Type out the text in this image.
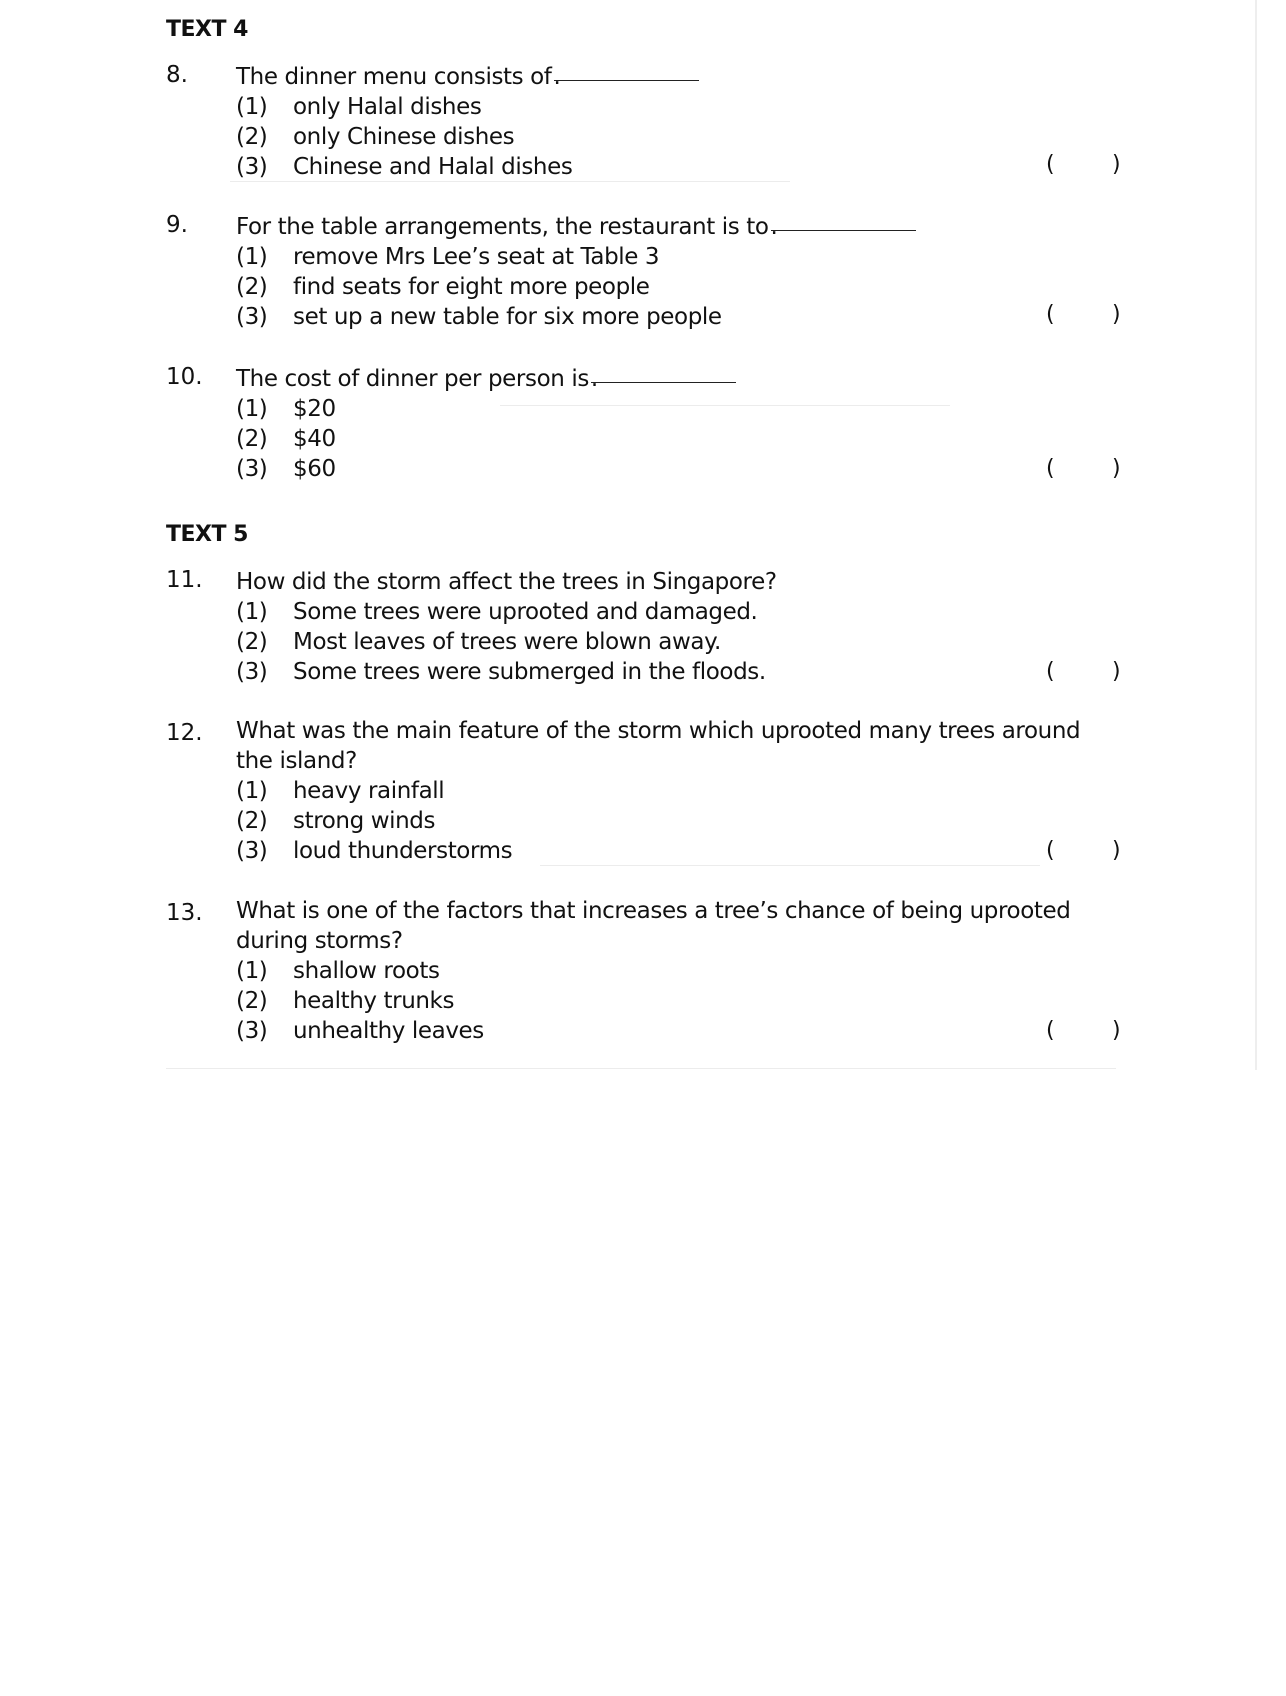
TEXT 4
8. The dinner menu consists of.
(1) only Halal dishes
(2) only Chinese dishes
(3) Chinese and Halal dishes	(	)
9. For the table arrangements, the restaurant is to.
(1) remove Mrs Lee’s seat at Table 3
(2) find seats for eight more people
(3) set up a new table for six more people	(	)
10. The cost of dinner per person is.
(1) $20
(2) $40
(3) $60	(	)
TEXT 5
11. How did the storm affect the trees in Singapore?
(1) Some trees were uprooted and damaged.
(2) Most leaves of trees were blown away.
(3) Some trees were submerged in the floods.	(	)
12. What was the main feature of the storm which uprooted many trees around
the island?
(1) heavy rainfall
(2) strong winds
(3) loud thunderstorms	(	)
13. What is one of the factors that increases a tree’s chance of being uprooted
during storms?
(1) shallow roots
(2) healthy trunks
(3) unhealthy leaves	(	)
